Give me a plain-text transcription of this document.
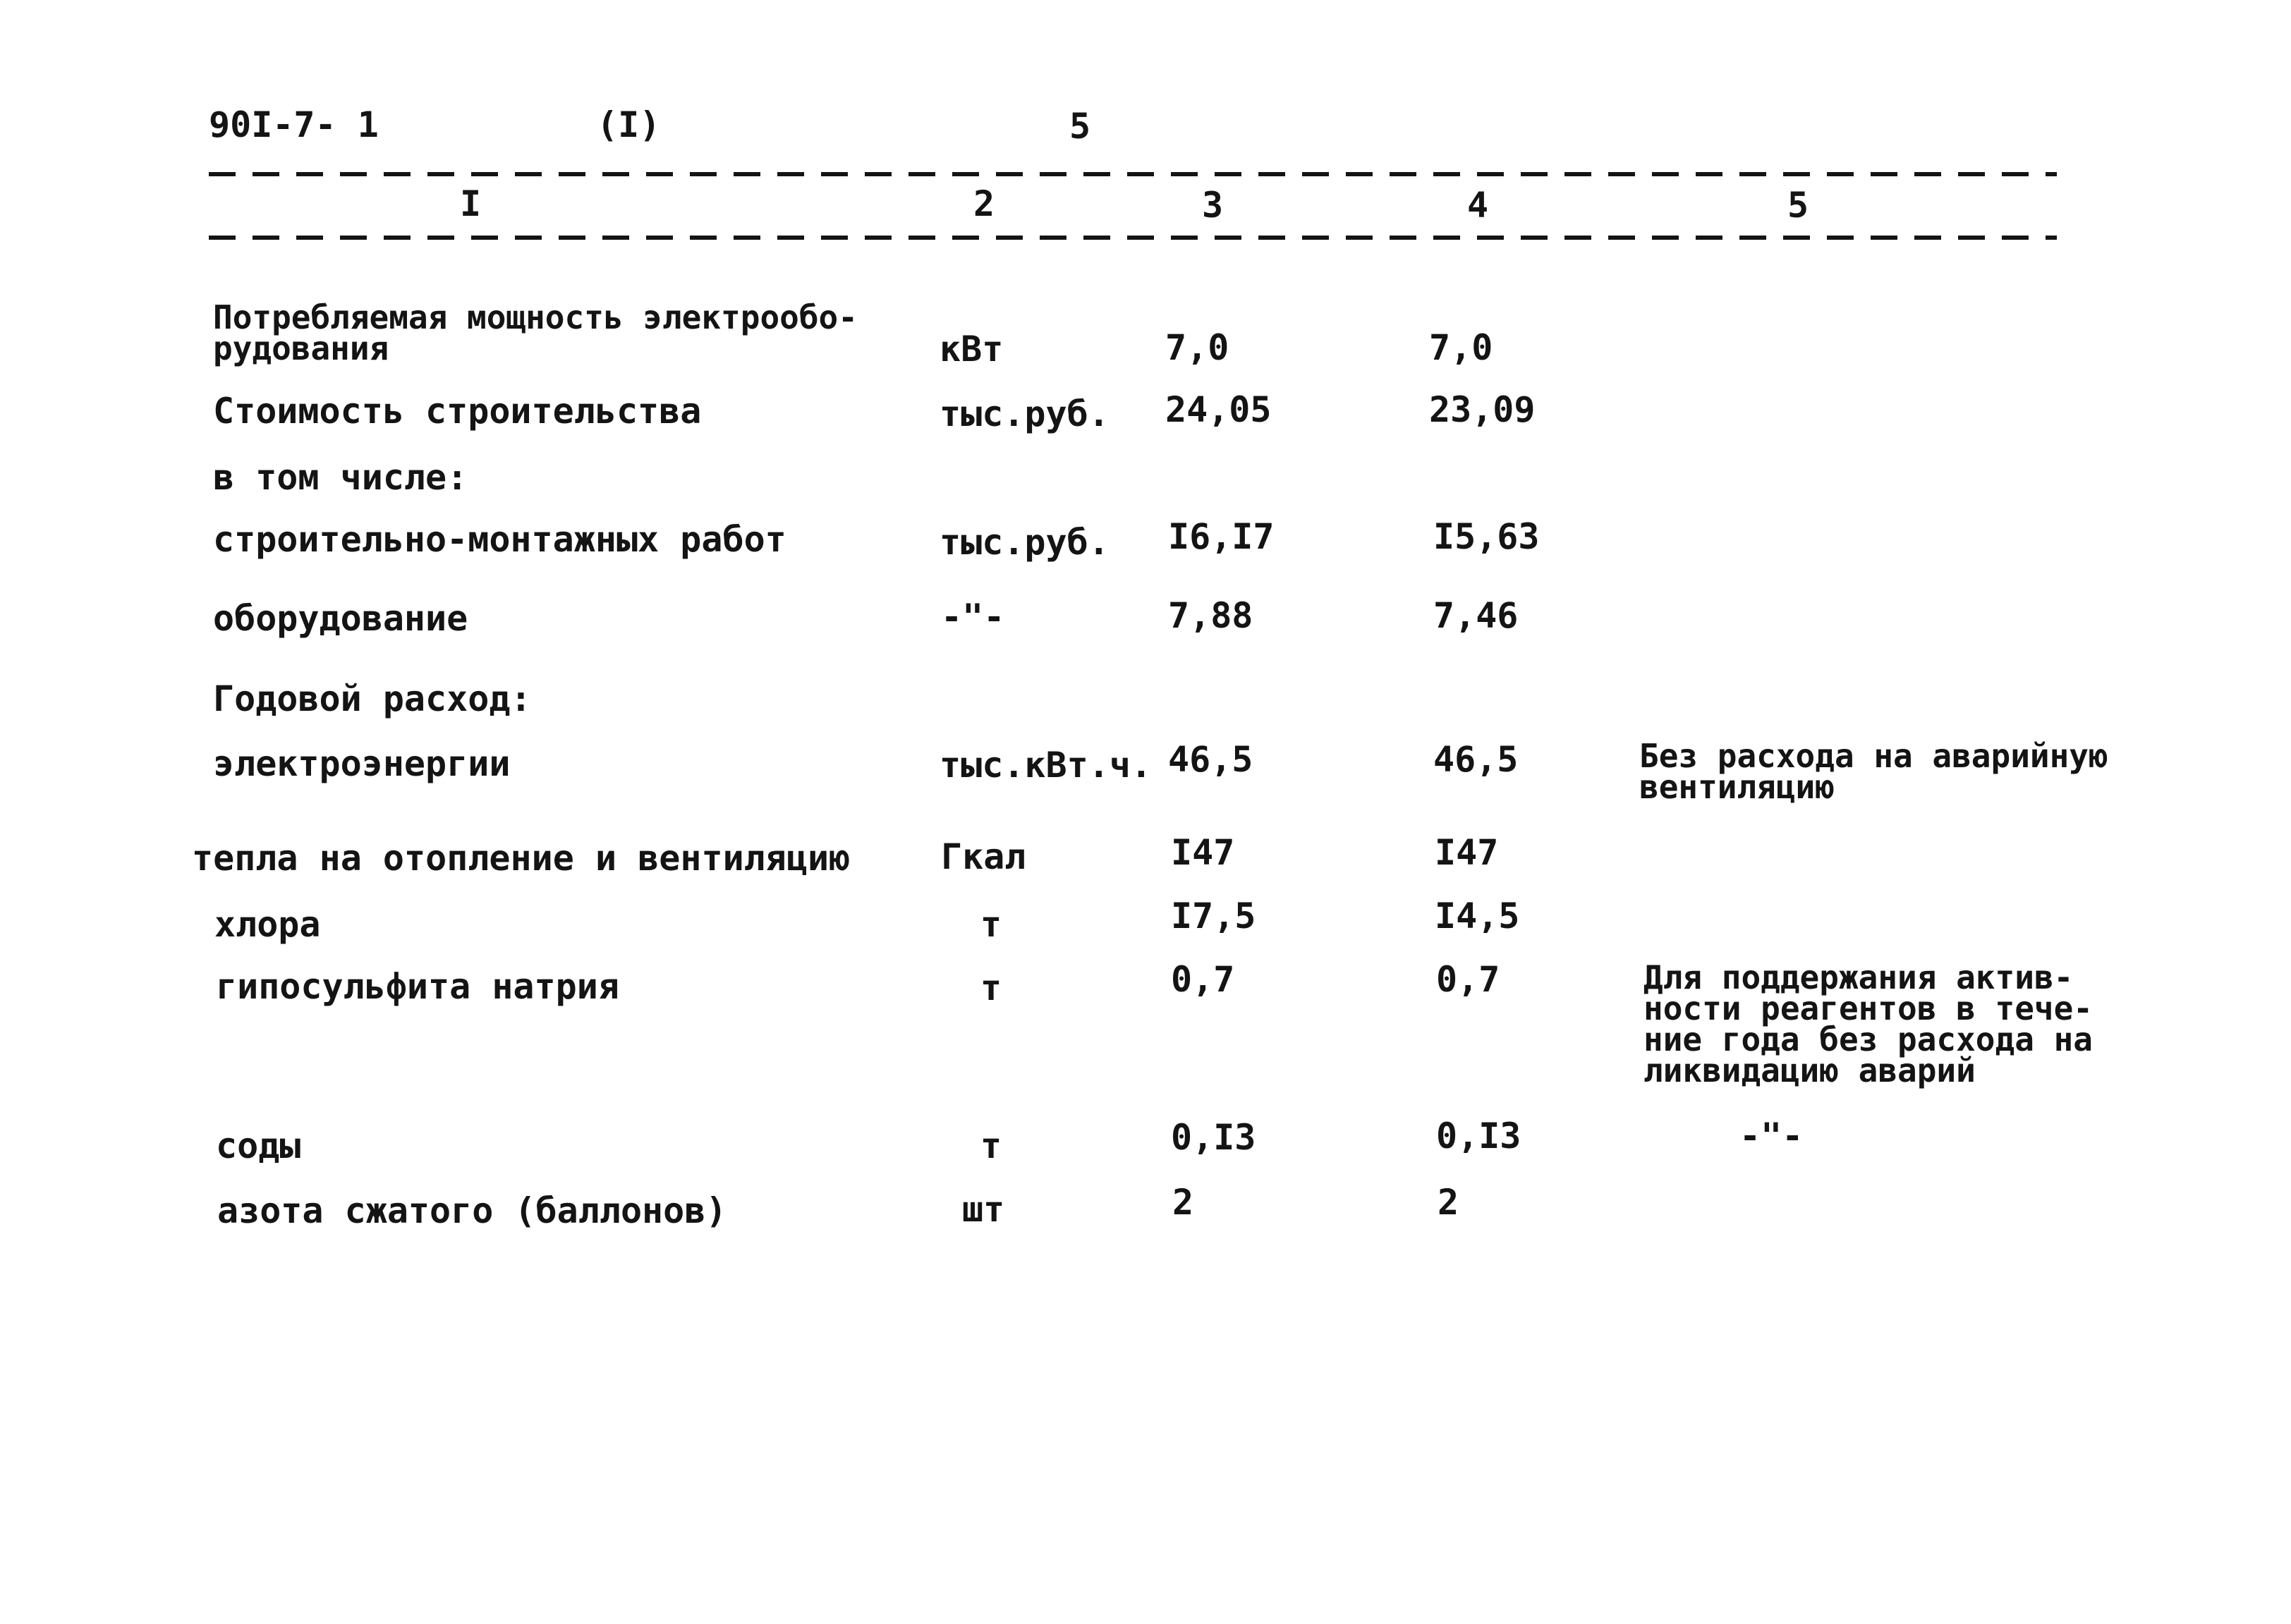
90I-7- 1	(I)	5
I	2	3	4	5
Потребляемая мощность электрообо-
рудования	кВт	7,0	7,0
Стоимость строительства	тыс.руб. 24,05	23,09
в том числе:
строительно-монтажных работ	тыс.руб. I6,I7	I5,63
оборудование	-"-	7,88	7,46
Годовой расход:
электроэнергии	тыс.кВт.ч. 46,5	46,5	Без расхода на аварийную
вентиляцию
тепла на отопление и вентиляцию	Гкал	I47	I47
хлора	т	I7,5	I4,5
гипосульфита натрия	т	0,7	0,7	Для поддержания актив-
ности реагентов в тече-
ние года без расхода на
ликвидацию аварий
соды	т	0,I3	0,I3	-"-
азота сжатого (баллонов)	шт	2	2
